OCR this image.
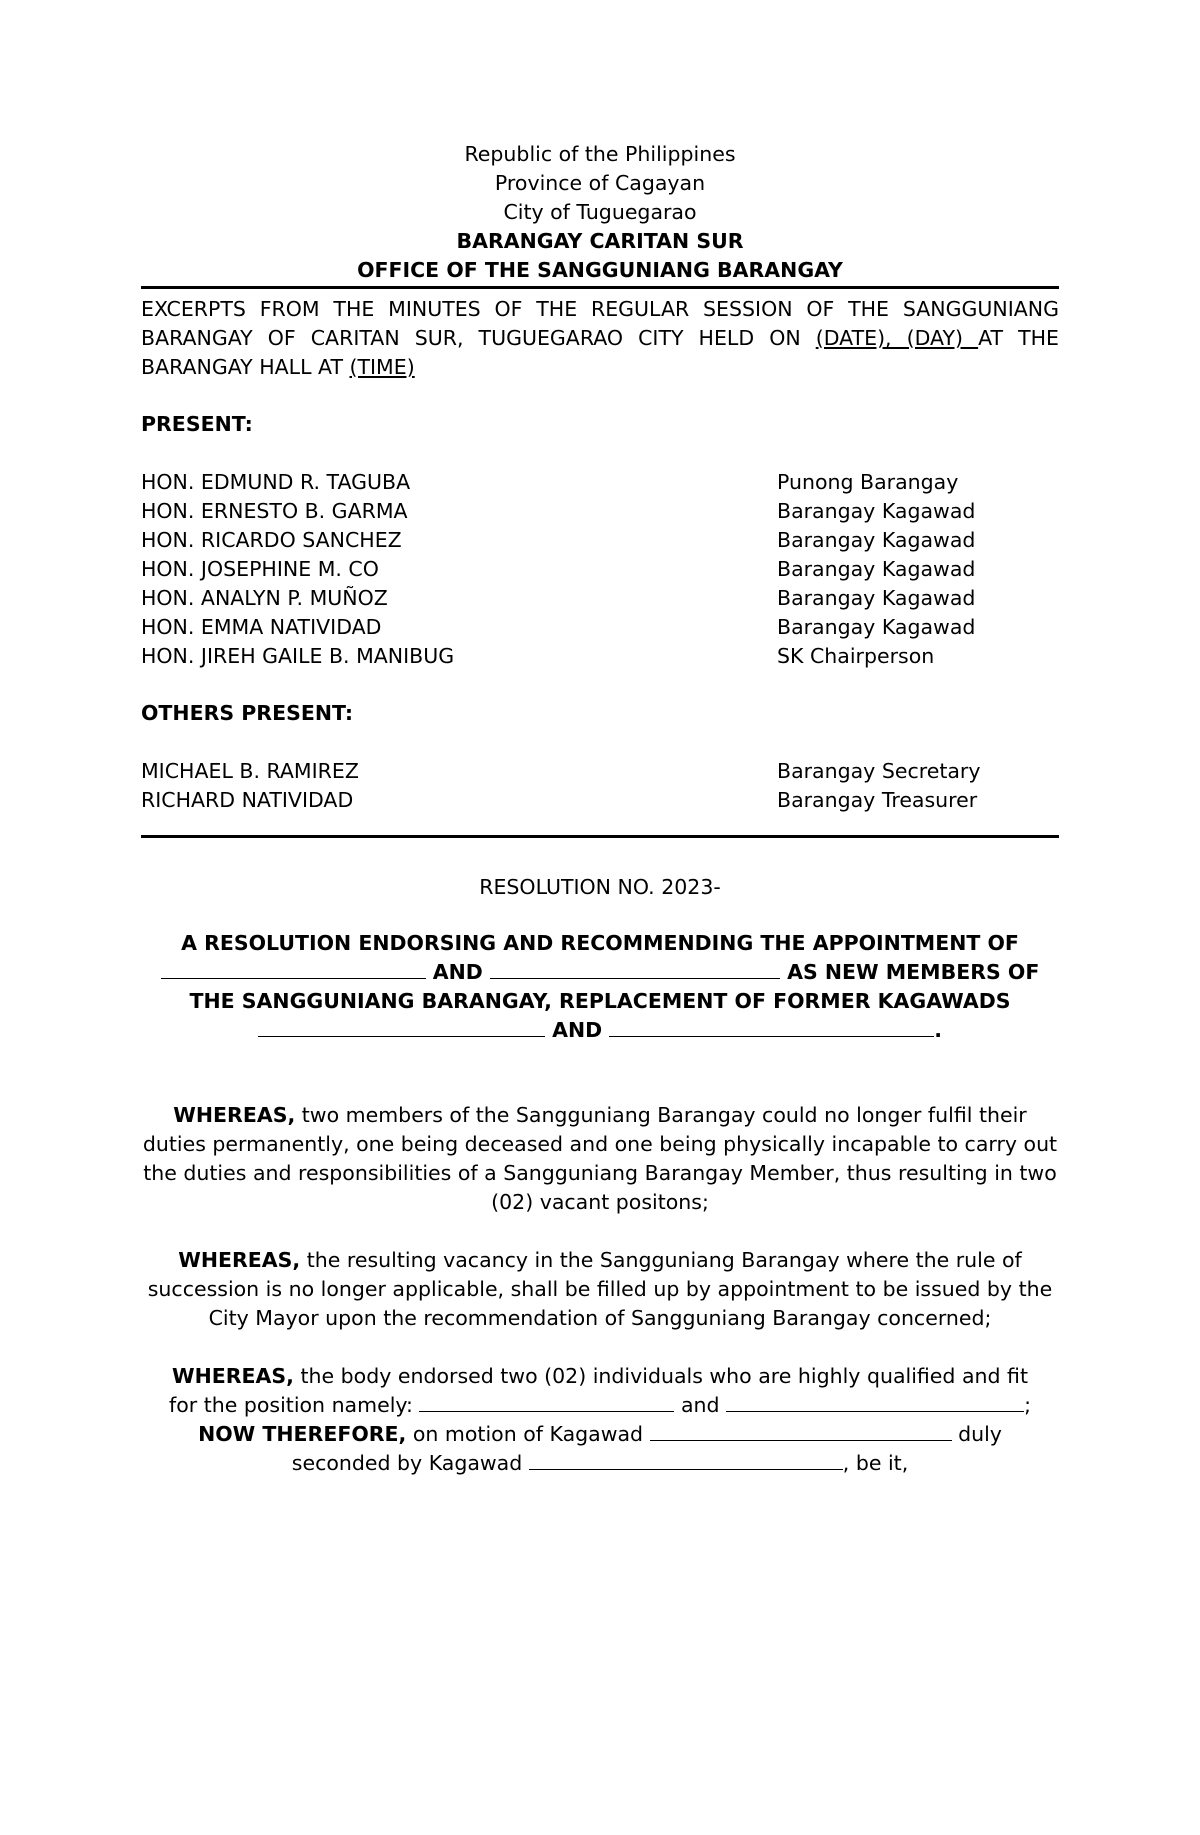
Republic of the Philippines
Province of Cagayan
City of Tuguegarao
BARANGAY CARITAN SUR
OFFICE OF THE SANGGUNIANG BARANGAY
EXCERPTS FROM THE MINUTES OF THE REGULAR SESSION OF THE SANGGUNIANG BARANGAY OF CARITAN SUR, TUGUEGARAO CITY HELD ON (DATE), (DAY) AT THE BARANGAY HALL AT (TIME)
PRESENT:
HON. EDMUND R. TAGUBA	Punong Barangay
HON. ERNESTO B. GARMA	Barangay Kagawad
HON. RICARDO SANCHEZ	Barangay Kagawad
HON. JOSEPHINE M. CO	Barangay Kagawad
HON. ANALYN P. MUÑOZ	Barangay Kagawad
HON. EMMA NATIVIDAD	Barangay Kagawad
HON. JIREH GAILE B. MANIBUG	SK Chairperson
OTHERS PRESENT:
MICHAEL B. RAMIREZ	Barangay Secretary
RICHARD NATIVIDAD	Barangay Treasurer
RESOLUTION NO. 2023-
A RESOLUTION ENDORSING AND RECOMMENDING THE APPOINTMENT OF
AND	AS NEW MEMBERS OF
THE SANGGUNIANG BARANGAY, REPLACEMENT OF FORMER KAGAWADS
AND	.
WHEREAS, two members of the Sangguniang Barangay could no longer fulfil their duties permanently, one being deceased and one being physically incapable to carry out the duties and responsibilities of a Sangguniang Barangay Member, thus resulting in two (02) vacant positons;
WHEREAS, the resulting vacancy in the Sangguniang Barangay where the rule of succession is no longer applicable, shall be filled up by appointment to be issued by the City Mayor upon the recommendation of Sangguniang Barangay concerned;
WHEREAS, the body endorsed two (02) individuals who are highly qualified and fit
for the position namely:	and	;
NOW THEREFORE, on motion of Kagawad	duly
seconded by Kagawad	, be it,
